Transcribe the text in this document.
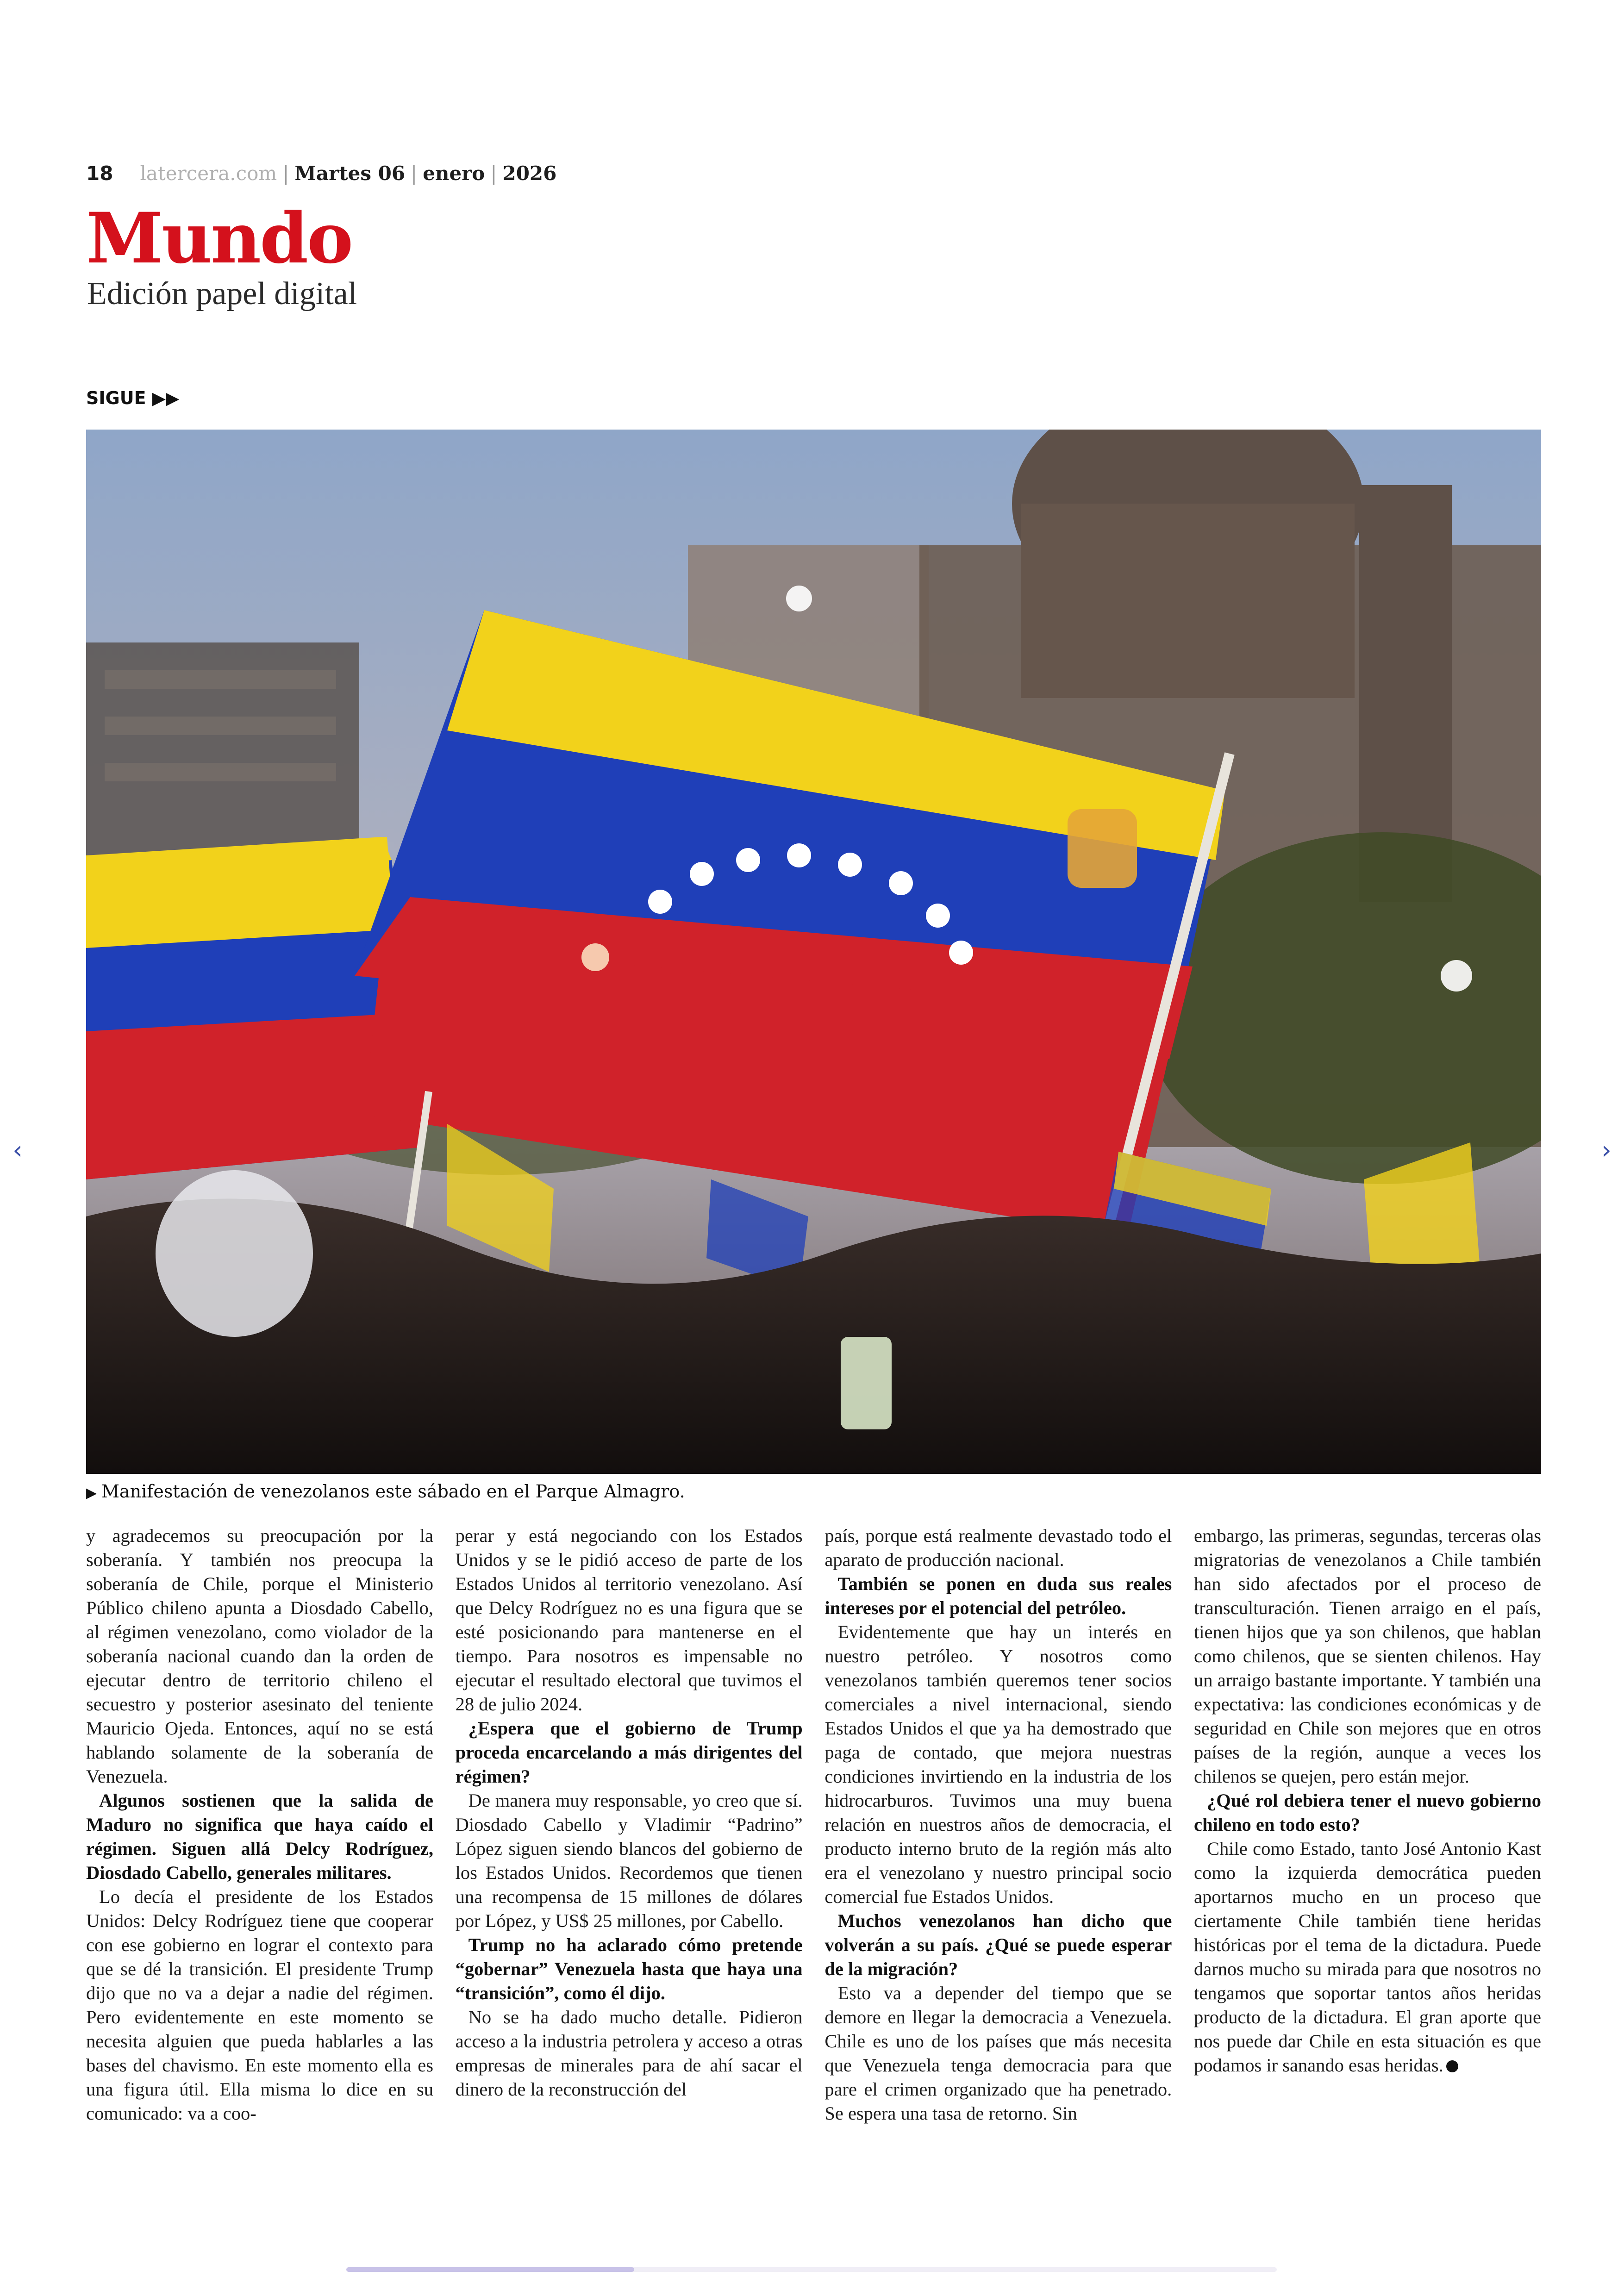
18 latercera.com | Martes 06 | enero | 2026
Mundo
Edición papel digital
SIGUE ▶▶
▶ Manifestación de venezolanos este sábado en el Parque Almagro.

y agradecemos su preocupación por la soberanía. Y también nos preocupa la soberanía de Chile, porque el Ministerio Público chileno apunta a Diosdado Cabello, al régimen venezolano, como violador de la soberanía nacional cuando dan la orden de ejecutar dentro de territorio chileno el secuestro y posterior asesinato del teniente Mauricio Ojeda. Entonces, aquí no se está hablando solamente de la soberanía de Venezuela.

Algunos sostienen que la salida de Maduro no significa que haya caído el régimen. Siguen allá Delcy Rodríguez, Diosdado Cabello, generales militares.

Lo decía el presidente de los Estados Unidos: Delcy Rodríguez tiene que cooperar con ese gobierno en lograr el contexto para que se dé la transición. El presidente Trump dijo que no va a dejar a nadie del régimen. Pero evidentemente en este momento se necesita alguien que pueda hablarles a las bases del chavismo. En este momento ella es una figura útil. Ella misma lo dice en su comunicado: va a coo-

perar y está negociando con los Estados Unidos y se le pidió acceso de parte de los Estados Unidos al territorio venezolano. Así que Delcy Rodríguez no es una figura que se esté posicionando para mantenerse en el tiempo. Para nosotros es impensable no ejecutar el resultado electoral que tuvimos el 28 de julio 2024.

¿Espera que el gobierno de Trump proceda encarcelando a más dirigentes del régimen?

De manera muy responsable, yo creo que sí. Diosdado Cabello y Vladimir “Padrino” López siguen siendo blancos del gobierno de los Estados Unidos. Recordemos que tienen una recompensa de 15 millones de dólares por López, y US$ 25 millones, por Cabello.

Trump no ha aclarado cómo pretende “gobernar” Venezuela hasta que haya una “transición”, como él dijo.

No se ha dado mucho detalle. Pidieron acceso a la industria petrolera y acceso a otras empresas de minerales para de ahí sacar el dinero de la reconstrucción del

país, porque está realmente devastado todo el aparato de producción nacional.

También se ponen en duda sus reales intereses por el potencial del petróleo.

Evidentemente que hay un interés en nuestro petróleo. Y nosotros como venezolanos también queremos tener socios comerciales a nivel internacional, siendo Estados Unidos el que ya ha demostrado que paga de contado, que mejora nuestras condiciones invirtiendo en la industria de los hidrocarburos. Tuvimos una muy buena relación en nuestros años de democracia, el producto interno bruto de la región más alto era el venezolano y nuestro principal socio comercial fue Estados Unidos.

Muchos venezolanos han dicho que volverán a su país. ¿Qué se puede esperar de la migración?

Esto va a depender del tiempo que se demore en llegar la democracia a Venezuela. Chile es uno de los países que más necesita que Venezuela tenga democracia para que pare el crimen organizado que ha penetrado. Se espera una tasa de retorno. Sin

embargo, las primeras, segundas, terceras olas migratorias de venezolanos a Chile también han sido afectados por el proceso de transculturación. Tienen arraigo en el país, tienen hijos que ya son chilenos, que hablan como chilenos, que se sienten chilenos. Hay un arraigo bastante importante. Y también una expectativa: las condiciones económicas y de seguridad en Chile son mejores que en otros países de la región, aunque a veces los chilenos se quejen, pero están mejor.

¿Qué rol debiera tener el nuevo gobierno chileno en todo esto?

Chile como Estado, tanto José Antonio Kast como la izquierda democrática pueden aportarnos mucho en un proceso que ciertamente Chile también tiene heridas históricas por el tema de la dictadura. Puede darnos mucho su mirada para que nosotros no tengamos que soportar tantos años heridas producto de la dictadura. El gran aporte que nos puede dar Chile en esta situación es que podamos ir sanando esas heridas.

‹	›
